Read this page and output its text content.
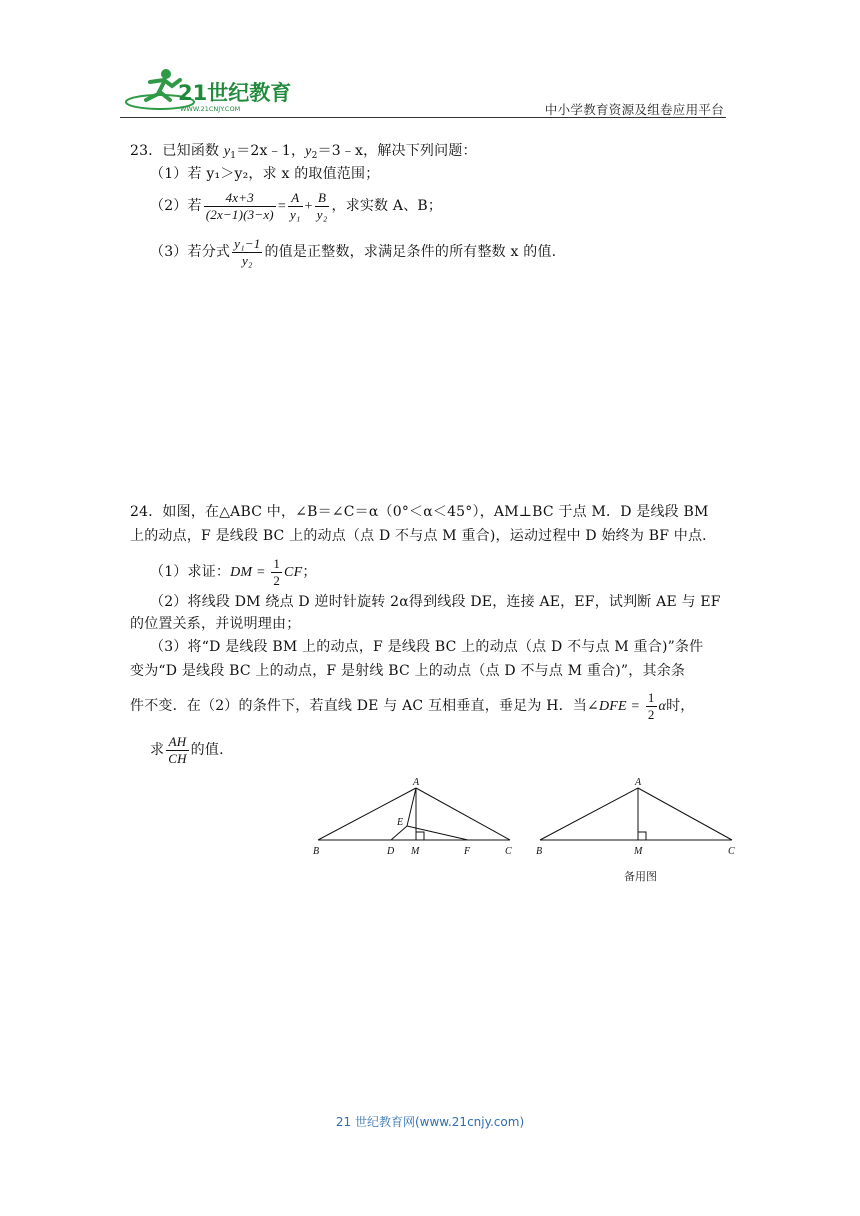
21世纪教育
WWW.21CNJY.COM	中小学教育资源及组卷应用平台
23．已知函数 $y_1=2x﹣1$，$y_2=3﹣x$，解决下列问题：
（1）若 y₁＞y₂，求 x 的取值范围；
（2）若 $\frac{4x+3}{(2x-1)(3-x)} = \frac{A}{\text{y₁}} + \frac{B}{\text{y₂}}$ ，求实数 A、B；
（3）若分式 $\frac{\text{y₁−1}}{\text{y₂}}$ 的值是正整数，求满足条件的所有整数 x 的值.
24．如图，在△ABC 中，∠B＝∠C＝α（0°＜α＜45°），AM⊥BC 于点 M．D 是线段 BM
上的动点，F 是线段 BC 上的动点（点 D 不与点 M 重合)，运动过程中 D 始终为 BF 中点．
（1）求证：DM = $\frac{1}{2}$ CF；
（2）将线段 DM 绕点 D 逆时针旋转 2α得到线段 DE，连接 AE，EF，试判断 AE 与 EF
的位置关系，并说明理由；
（3）将“D 是线段 BM 上的动点，F 是线段 BC 上的动点（点 D 不与点 M 重合)”条件
变为“D 是线段 BC 上的动点，F 是射线 BC 上的动点（点 D 不与点 M 重合)”，其余条
件不变．在（2）的条件下，若直线 DE 与 AC 互相垂直，垂足为 H．当∠DFE = $\frac{1}{2}$ α时，
求 $\frac{AH}{CH}$ 的值.
A
E
B	D M	F	C
A
B	M	C
备用图
21 世纪教育网(www.21cnjy.com)
